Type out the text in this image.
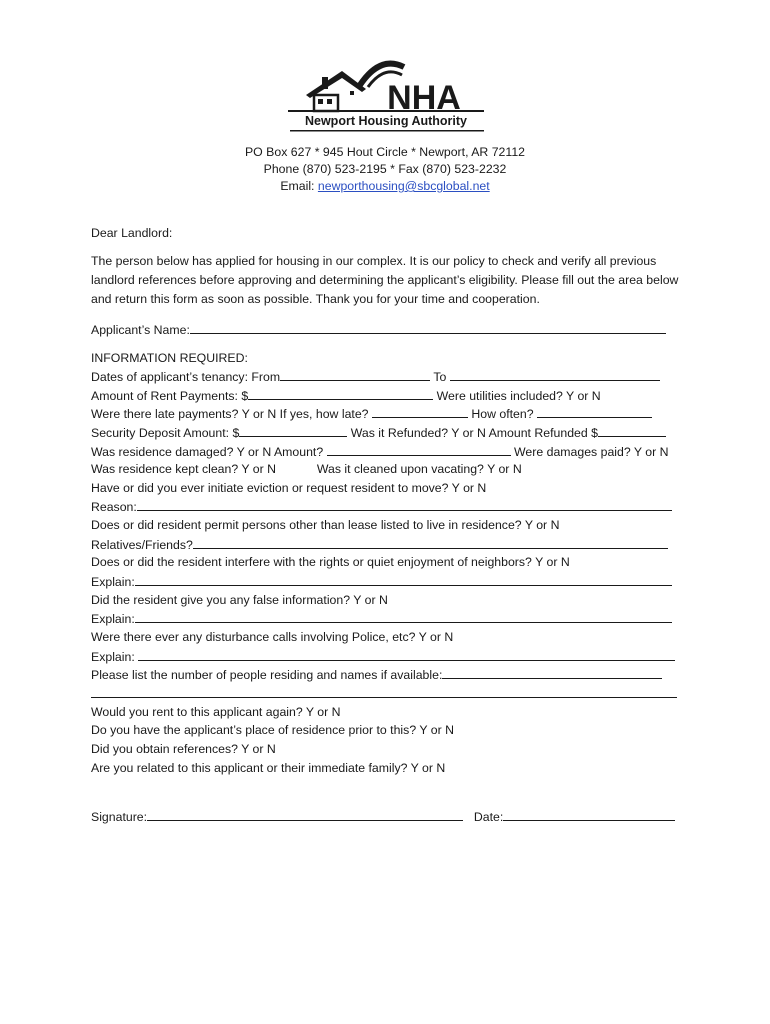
NHA
Newport Housing Authority
PO Box 627 * 945 Hout Circle * Newport, AR 72112
Phone (870) 523-2195 * Fax (870) 523-2232
Email: newporthousing@sbcglobal.net
Dear Landlord:
The person below has applied for housing in our complex. It is our policy to check and verify all previous landlord references before approving and determining the applicant’s eligibility. Please fill out the area below and return this form as soon as possible. Thank you for your time and cooperation.
Applicant’s Name:
INFORMATION REQUIRED:
Dates of applicant’s tenancy: From	To
Amount of Rent Payments: $	Were utilities included? Y or N
Were there late payments? Y or N If yes, how late?	How often?
Security Deposit Amount: $	Was it Refunded? Y or N Amount Refunded $
Was residence damaged? Y or N Amount?	Were damages paid? Y or N
Was residence kept clean? Y or N	Was it cleaned upon vacating? Y or N
Have or did you ever initiate eviction or request resident to move? Y or N
Reason:
Does or did resident permit persons other than lease listed to live in residence? Y or N
Relatives/Friends?
Does or did the resident interfere with the rights or quiet enjoyment of neighbors? Y or N
Explain:
Did the resident give you any false information? Y or N
Explain:
Were there ever any disturbance calls involving Police, etc? Y or N
Explain:
Please list the number of people residing and names if available:
Would you rent to this applicant again? Y or N
Do you have the applicant’s place of residence prior to this? Y or N
Did you obtain references? Y or N
Are you related to this applicant or their immediate family? Y or N
Signature:	Date:
